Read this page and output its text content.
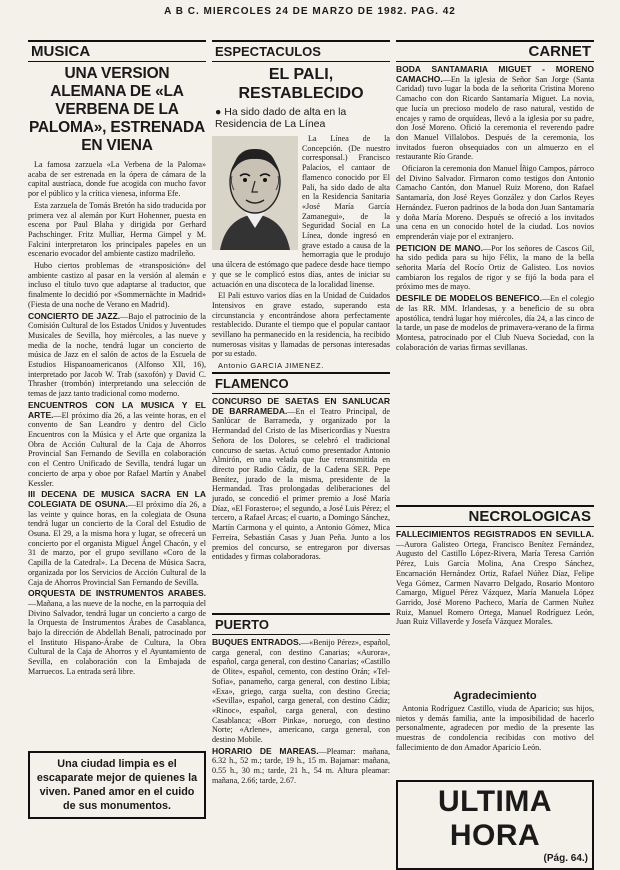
A B C. MIERCOLES 24 DE MARZO DE 1982. PAG. 42
MUSICA
UNA VERSION ALEMANA DE «LA VERBENA DE LA PALOMA», ESTRENADA EN VIENA

La famosa zarzuela «La Verbena de la Paloma» acaba de ser estrenada en la ópera de cámara de la capital austríaca, donde fue acogida con mucho favor por el público y la crítica vienesa, informa Efe.

Esta zarzuela de Tomás Bretón ha sido traducida por primera vez al alemán por Kurt Hohenner, puesta en escena por Paul Blaha y dirigida por Gerhard Pachschinger. Fritz Mulliar, Herma Gimpel y M. Falcini interpretaron los principales papeles en un escenario evocador del ambiente castizo madrileño.

Hubo ciertos problemas de «transposición» del ambiente castizo al pasar en la versión al alemán e incluso el título tuvo que adaptarse al traductor, que finalmente lo decidió por «Sommernächte in Madrid» (Fiesta de una noche de Verano en Madrid).

CONCIERTO DE JAZZ.—Bajo el patrocinio de la Comisión Cultural de los Estados Unidos y Juventudes Musicales de Sevilla, hoy miércoles, a las nueve y media de la noche, tendrá lugar un concierto de música de Jazz en el salón de actos de la Escuela de Estudios Hispanoamericanos (Alfonso XII, 16), interpretado por Jacob W. Trab (saxofón) y David C. Thrasher (trombón) interpretando una selección de temas de jazz tanto tradicional como moderno.

ENCUENTROS CON LA MUSICA Y EL ARTE.—El próximo día 26, a las veinte horas, en el convento de San Leandro y dentro del Ciclo Encuentros con la Música y el Arte que organiza la Obra de Acción Cultural de la Caja de Ahorros Provincial San Fernando de Sevilla en colaboración con el Centro Unificado de Sevilla, tendrá lugar un concierto de arpa y oboe por Rafael Martín y Anabel Kessler.

III DECENA DE MUSICA SACRA EN LA COLEGIATA DE OSUNA.—El próximo día 26, a las veinte y quince horas, en la colegiata de Osuna tendrá lugar un concierto de la Coral del Estudio de Osuna. El 29, a la misma hora y lugar, se ofrecerá un concierto por el organista Miguel Ángel Chacón, y el 31 de marzo, por el grupo sevillano «Coro de la Capilla de la Catedral». La Decena de Música Sacra, organizada por los Servicios de Acción Cultural de la Caja de Ahorros Provincial San Fernando de Sevilla.

ORQUESTA DE INSTRUMENTOS ARABES.—Mañana, a las nueve de la noche, en la parroquia del Divino Salvador, tendrá lugar un concierto a cargo de la Orquesta de Instrumentos Árabes de Casablanca, bajo la dirección de Abdellah Benali, patrocinado por el Instituto Hispano-Árabe de Cultura, la Obra Cultural de la Caja de Ahorros y el Ayuntamiento de Sevilla, en colaboración con la Embajada de Marruecos. La entrada será libre.

Una ciudad limpia es el escaparate mejor de quienes la
viven. Paned amor en el cuido de sus monumentos.
ESPECTACULOS
EL PALI, RESTABLECIDO
● Ha sido dado de alta en la Residencia de La Línea

La Línea de la Concepción. (De nuestro corresponsal.) Francisco Palacios, el cantaor de flamenco conocido por El Pali, ha sido dado de alta en la Residencia Sanitaria «José María García Zamanegui», de la Seguridad Social en La Línea, donde ingresó en grave estado a causa de la hemorragia que le produjo una úlcera de estómago que padece desde hace tiempo y que se le complicó estos días, antes de iniciar su actuación en una discoteca de la localidad linense.

El Pali estuvo varios días en la Unidad de Cuidados Intensivos en grave estado, superando esta circunstancia y encontrándose ahora perfectamente restablecido. Durante el tiempo que el popular cantaor sevillano ha permanecido en la residencia, ha recibido numerosas visitas y llamadas de personas interesadas por su estado.

Antonio GARCIA JIMENEZ.

FLAMENCO

CONCURSO DE SAETAS EN SANLUCAR DE BARRAMEDA.—En el Teatro Principal, de Sanlúcar de Barrameda, y organizado por la Hermandad del Cristo de las Misericordias y Nuestra Señora de los Dolores, se celebró el tradicional concurso de saetas. Actuó como presentador Antonio Almirón, en una velada que fue retransmitida en directo por Radio Cádiz, de la Cadena SER. Pepe Benítez, jurado de la misma, presidente de la Hermandad. Tras prolongadas deliberaciones del jurado, se concedió el primer premio a José María Díaz, «El Forastero»; el segundo, a José Luis Pérez; el tercero, a Rafael Arcas; el cuarto, a Domingo Sánchez, Martín Carmona y el quinto, a Antonio Gómez, Mica Ferreira, Sebastián Casas y Juan Peña. Junto a los premios del concurso, se entregaron por diversas entidades y firmas colaboradoras.

PUERTO

BUQUES ENTRADOS.—«Benijo Pérez», español, carga general, con destino Canarias; «Aurora», español, carga general, con destino Canarias; «Castillo de Olite», español, cemento, con destino Orán; «Tel-Sofia», panameño, carga general, con destino Libia; «Exa», griego, carga suelta, con destino Grecia; «Sevilla», español, carga general, con destino Cádiz; «Rinoc», español, carga general, con destino Casablanca; «Borr Pinka», noruego, con destino Norte; «Arlene», americano, carga general, con destino Mobile.

HORARIO DE MAREAS.—Pleamar: mañana, 6.32 h., 52 m.; tarde, 19 h., 15 m. Bajamar: mañana, 0.55 h., 30 m.; tarde, 21 h., 54 m. Altura pleamar: mañana, 2.66; tarde, 2.67.

CARNET

BODA SANTAMARIA MIGUET - MORENO CAMACHO.—En la iglesia de Señor San Jorge (Santa Caridad) tuvo lugar la boda de la señorita Cristina Moreno Camacho con don Ricardo Santamaría Miguet. La novia, que lucía un precioso modelo de raso natural, vestido de encajes y ramo de orquídeas, llevó a la iglesia por su padre, don José Moreno. Ofició la ceremonia el reverendo padre don Manuel Villalobos. Después de la ceremonia, los invitados fueron obsequiados con un almuerzo en el restaurante Río Grande.

Oficiaron la ceremonia don Manuel Íñigo Campos, párroco del Divino Salvador. Firmaron como testigos don Antonio Camacho Cantón, don Manuel Ruiz Moreno, don Rafael Santamaría, don José Reyes González y don Carlos Reyes Hernández. Fueron padrinos de la boda don Juan Santamaría y doña María Moreno. Después se ofreció a los invitados una cena en un conocido hotel de la ciudad. Los novios emprenderán viaje por el extranjero.

PETICION DE MANO.—Por los señores de Cascos Gil, ha sido pedida para su hijo Félix, la mano de la bella señorita María del Rocío Ortiz de Galisteo. Los novios cambiaron los regalos de rigor y se fijó la boda para el próximo mes de mayo.

DESFILE DE MODELOS BENEFICO.—En el colegio de las RR. MM. Irlandesas, y a beneficio de su obra apostólica, tendrá lugar hoy miércoles, día 24, a las cinco de la tarde, un pase de modelos de primavera-verano de la firma Montesa, patrocinado por el Club Nueva Sociedad, con la colaboración de varias firmas sevillanas.

NECROLOGICAS

FALLECIMIENTOS REGISTRADOS EN SEVILLA.—Aurora Galisteo Ortega, Francisco Benítez Fernández, Augusto del Castillo López-Rivera, María Teresa Carrión Pérez, Luis García Molina, Ana Crespo Sánchez, Encarnación Hernández Ortiz, Rafael Núñez Díaz, Felipe Vega Gómez, Carmen Navarro Delgado, Rosario Montoro Camargo, Miguel Pérez Vázquez, María Manuela López Garrido, José Moreno Pacheco, María de Carmen Nuñez Ruiz, Manuel Romero Ortega, Manuel Rodríguez León, Juan Ruiz Villaverde y Josefa Vázquez Morales.

Agradecimiento

Antonia Rodríguez Castillo, viuda de Aparicio; sus hijos, nietos y demás familia, ante la imposibilidad de hacerlo personalmente, agradecen por medio de la presente las muestras de condolencia recibidas con motivo del fallecimiento de don Amador Aparicio León.

ULTIMA HORA
(Pág. 64.)
